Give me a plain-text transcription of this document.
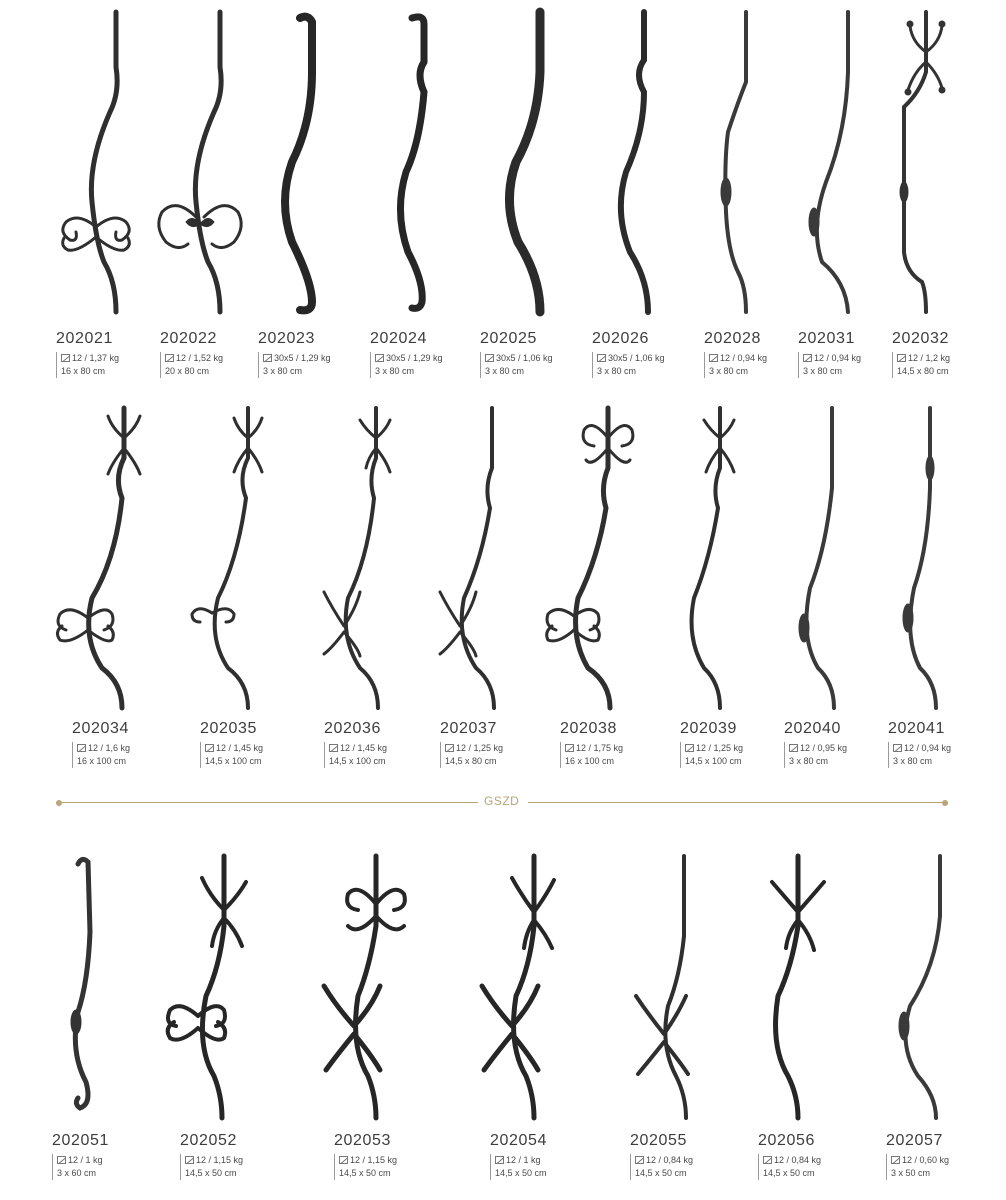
202021
12 / 1,37 kg
16 x 80 cm
202022
12 / 1,52 kg
20 x 80 cm
202023
30x5 / 1,29 kg
3 x 80 cm
202024
30x5 / 1,29 kg
3 x 80 cm
202025
30x5 / 1,06 kg
3 x 80 cm
202026
30x5 / 1,06 kg
3 x 80 cm
202028
12 / 0,94 kg
3 x 80 cm
202031
12 / 0,94 kg
3 x 80 cm
202032
12 / 1,2 kg
14,5 x 80 cm
202034
12 / 1,6 kg
16 x 100 cm
202035
12 / 1,45 kg
14,5 x 100 cm
202036
12 / 1,45 kg
14,5 x 100 cm
202037
12 / 1,25 kg
14,5 x 80 cm
202038
12 / 1,75 kg
16 x 100 cm
202039
12 / 1,25 kg
14,5 x 100 cm
202040
12 / 0,95 kg
3 x 80 cm
202041
12 / 0,94 kg
3 x 80 cm
GSZD
202051
12 / 1 kg
3 x 60 cm
202052
12 / 1,15 kg
14,5 x 50 cm
202053
12 / 1,15 kg
14,5 x 50 cm
202054
12 / 1 kg
14,5 x 50 cm
202055
12 / 0,84 kg
14,5 x 50 cm
202056
12 / 0,84 kg
14,5 x 50 cm
202057
12 / 0,60 kg
3 x 50 cm
